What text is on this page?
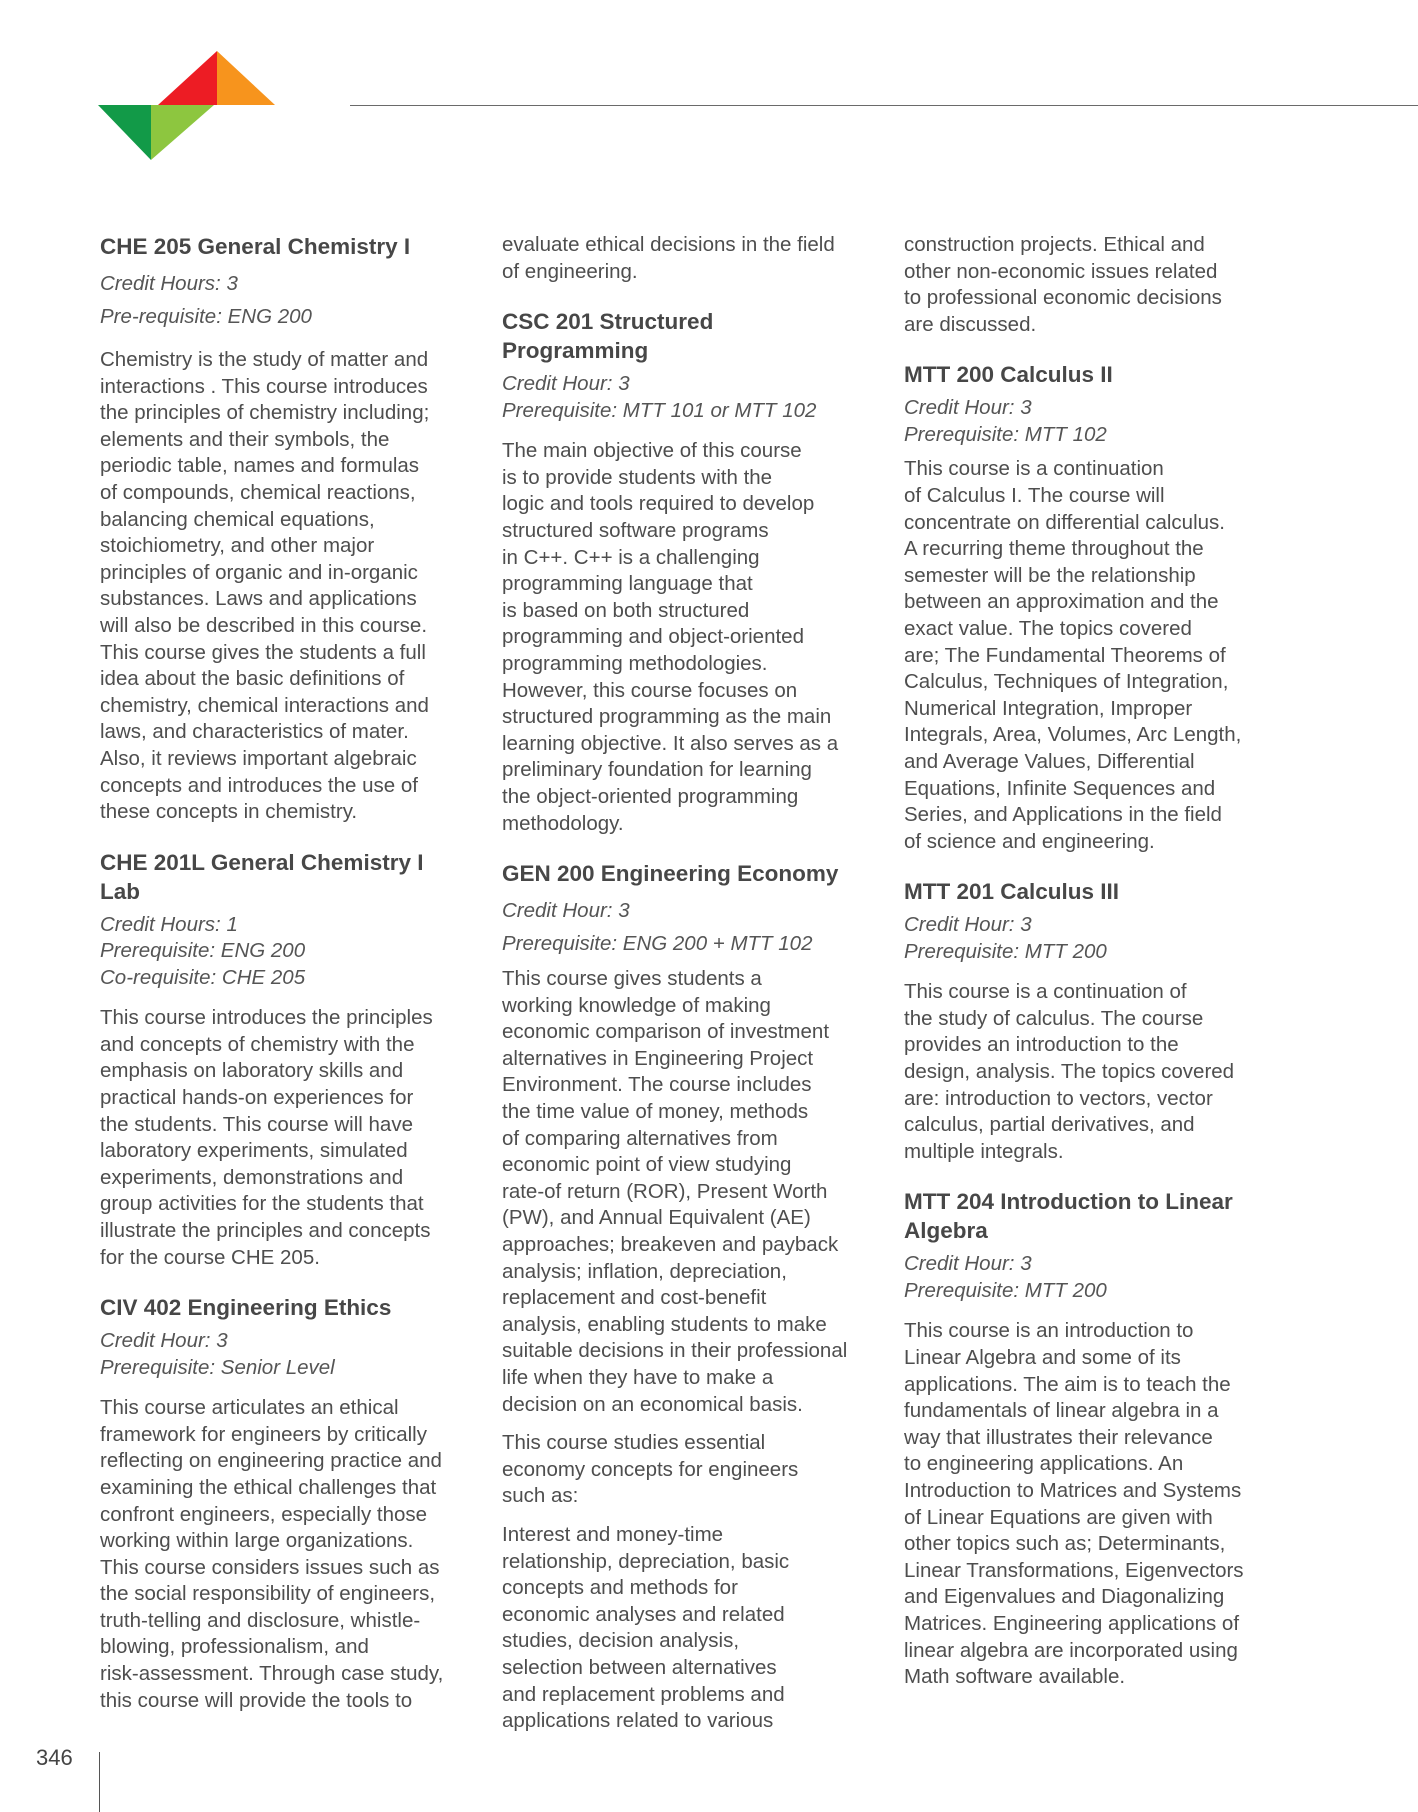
CHE 205 General Chemistry I
Credit Hours: 3
Pre-requisite: ENG 200

Chemistry is the study of matter and
interactions . This course introduces
the principles of chemistry including;
elements and their symbols, the
periodic table, names and formulas
of compounds, chemical reactions,
balancing chemical equations,
stoichiometry, and other major
principles of organic and in-organic
substances. Laws and applications
will also be described in this course.
This course gives the students a full
idea about the basic definitions of
chemistry, chemical interactions and
laws, and characteristics of mater.
Also, it reviews important algebraic
concepts and introduces the use of
these concepts in chemistry.

CHE 201L General Chemistry I
Lab
Credit Hours: 1
Prerequisite: ENG 200
Co-requisite: CHE 205

This course introduces the principles
and concepts of chemistry with the
emphasis on laboratory skills and
practical hands-on experiences for
the students. This course will have
laboratory experiments, simulated
experiments, demonstrations and
group activities for the students that
illustrate the principles and concepts
for the course CHE 205.

CIV 402 Engineering Ethics
Credit Hour: 3
Prerequisite: Senior Level

This course articulates an ethical
framework for engineers by critically
reflecting on engineering practice and
examining the ethical challenges that
confront engineers, especially those
working within large organizations.
This course considers issues such as
the social responsibility of engineers,
truth-telling and disclosure, whistle-
blowing, professionalism, and
risk-assessment. Through case study,
this course will provide the tools to

evaluate ethical decisions in the field
of engineering.
CSC 201 Structured
Programming
Credit Hour: 3
Prerequisite: MTT 101 or MTT 102

The main objective of this course
is to provide students with the
logic and tools required to develop
structured software programs
in C++. C++ is a challenging
programming language that
is based on both structured
programming and object-oriented
programming methodologies.
However, this course focuses on
structured programming as the main
learning objective. It also serves as a
preliminary foundation for learning
the object-oriented programming
methodology.

GEN 200 Engineering Economy
Credit Hour: 3
Prerequisite: ENG 200 + MTT 102

This course gives students a
working knowledge of making
economic comparison of investment
alternatives in Engineering Project
Environment. The course includes
the time value of money, methods
of comparing alternatives from
economic point of view studying
rate-of return (ROR), Present Worth
(PW), and Annual Equivalent (AE)
approaches; breakeven and payback
analysis; inflation, depreciation,
replacement and cost-benefit
analysis, enabling students to make
suitable decisions in their professional
life when they have to make a
decision on an economical basis.

This course studies essential
economy concepts for engineers
such as:

Interest and money-time
relationship, depreciation, basic
concepts and methods for
economic analyses and related
studies, decision analysis,
selection between alternatives
and replacement problems and
applications related to various

construction projects. Ethical and
other non-economic issues related
to professional economic decisions
are discussed.
MTT 200 Calculus II
Credit Hour: 3
Prerequisite: MTT 102

This course is a continuation
of Calculus I. The course will
concentrate on differential calculus.
A recurring theme throughout the
semester will be the relationship
between an approximation and the
exact value. The topics covered
are; The Fundamental Theorems of
Calculus, Techniques of Integration,
Numerical Integration, Improper
Integrals, Area, Volumes, Arc Length,
and Average Values, Differential
Equations, Infinite Sequences and
Series, and Applications in the field
of science and engineering.

MTT 201 Calculus III
Credit Hour: 3
Prerequisite: MTT 200

This course is a continuation of
the study of calculus. The course
provides an introduction to the
design, analysis. The topics covered
are: introduction to vectors, vector
calculus, partial derivatives, and
multiple integrals.

MTT 204 Introduction to Linear
Algebra
Credit Hour: 3
Prerequisite: MTT 200

This course is an introduction to
Linear Algebra and some of its
applications. The aim is to teach the
fundamentals of linear algebra in a
way that illustrates their relevance
to engineering applications. An
Introduction to Matrices and Systems
of Linear Equations are given with
other topics such as; Determinants,
Linear Transformations, Eigenvectors
and Eigenvalues and Diagonalizing
Matrices. Engineering applications of
linear algebra are incorporated using
Math software available.

346
